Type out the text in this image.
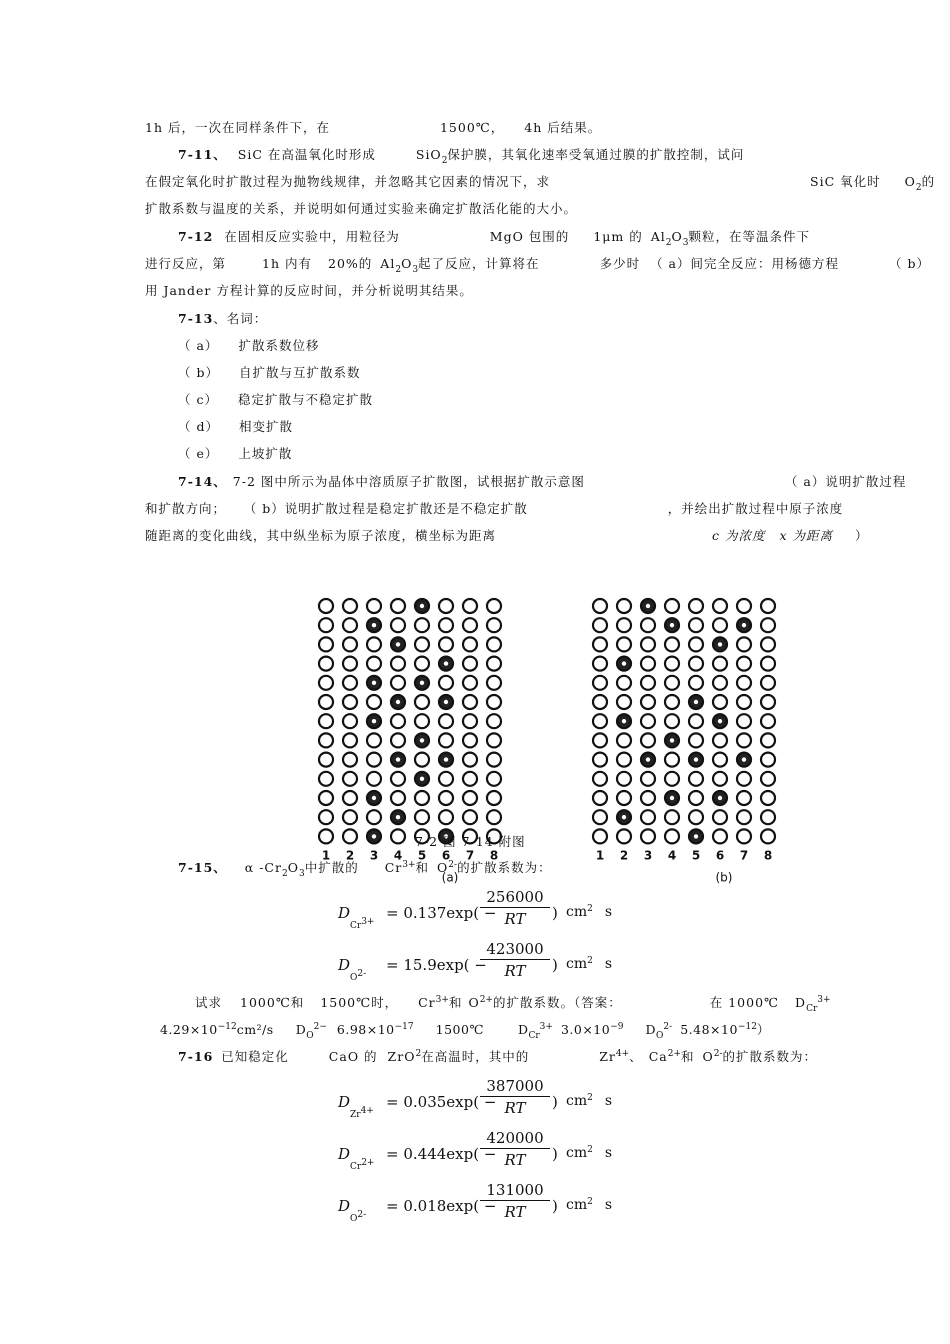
1h 后，一次在同样条件下，在	1500℃， 4h 后结果。
7-11、 SiC 在高温氧化时形成	SiO$_2$保护膜，其氧化速率受氧通过膜的扩散控制，试问
在假定氧化时扩散过程为抛物线规律，并忽略其它因素的情况下，求	SiC 氧化时 $O_2$的
扩散系数与温度的关系，并说明如何通过实验来确定扩散活化能的大小。
7-12 在固相反应实验中，用粒径为	MgO 包围的 1μm 的 $Al_2O_3$颗粒，在等温条件下
进行反应，第	1h 内有 20%的 $Al_2O_3$起了反应，计算将在	多少时 （ a）间完全反应：用杨德方程	（ b）
用 Jander 方程计算的反应时间，并分析说明其结果。
7-13、名词：
（ a） 扩散系数位移
（ b） 自扩散与互扩散系数
（ c） 稳定扩散与不稳定扩散
（ d） 相变扩散
（ e） 上坡扩散
7-14、 7-2 图中所示为晶体中溶质原子扩散图，试根据扩散示意图	（ a）说明扩散过程
和扩散方向； （ b）说明扩散过程是稳定扩散还是不稳定扩散	，并绘出扩散过程中原子浓度
随距离的变化曲线，其中纵坐标为原子浓度，横坐标为距离	c 为浓度 x 为距离 ）
1 2 3 4 5 6 7 8
(a)
1 2 3 4 5 6 7 8
(b)
7-2 图 7-14 附图
7-15、 α $-Cr_2O_3$中扩散的 $Cr^{3+}$和 $O^{2-}$的扩散系数为：
D
Cr3+ = 0.137exp( −
$\frac{256000}{RT}$ ) $cm^2$ s
D
O2- = 15.9exp( −
$\frac{423000}{RT}$ ) $cm^2$ s
试求 1000℃和 1500℃时， $Cr^{3+}$和 $O^{2+}$的扩散系数。（答案：	在 1000℃ $D_{Cr}^{3+}$
$4.29\times 10^{-12}cm^2/s$ $D_O^{2-}$ $6.98\times 10^{-17}$ 1500℃	$D_{Cr}^{3+}$ $3.0\times 10^{-9}$ $D_O^{2-}$ $5.48\times 10^{-12}$）
7-16 已知稳定化	CaO 的 ZrO$^2$在高温时，其中的	$Zr^{4+}$、 $Ca^{2+}$和 $O^{2-}$的扩散系数为：
D
Zr4+ = 0.035exp( −
$\frac{387000}{RT}$ ) $cm^2$ s
D
Cr2+ = 0.444exp( −
$\frac{420000}{RT}$ ) $cm^2$ s
D
O2- = 0.018exp( −
$\frac{131000}{RT}$ ) $cm^2$ s
